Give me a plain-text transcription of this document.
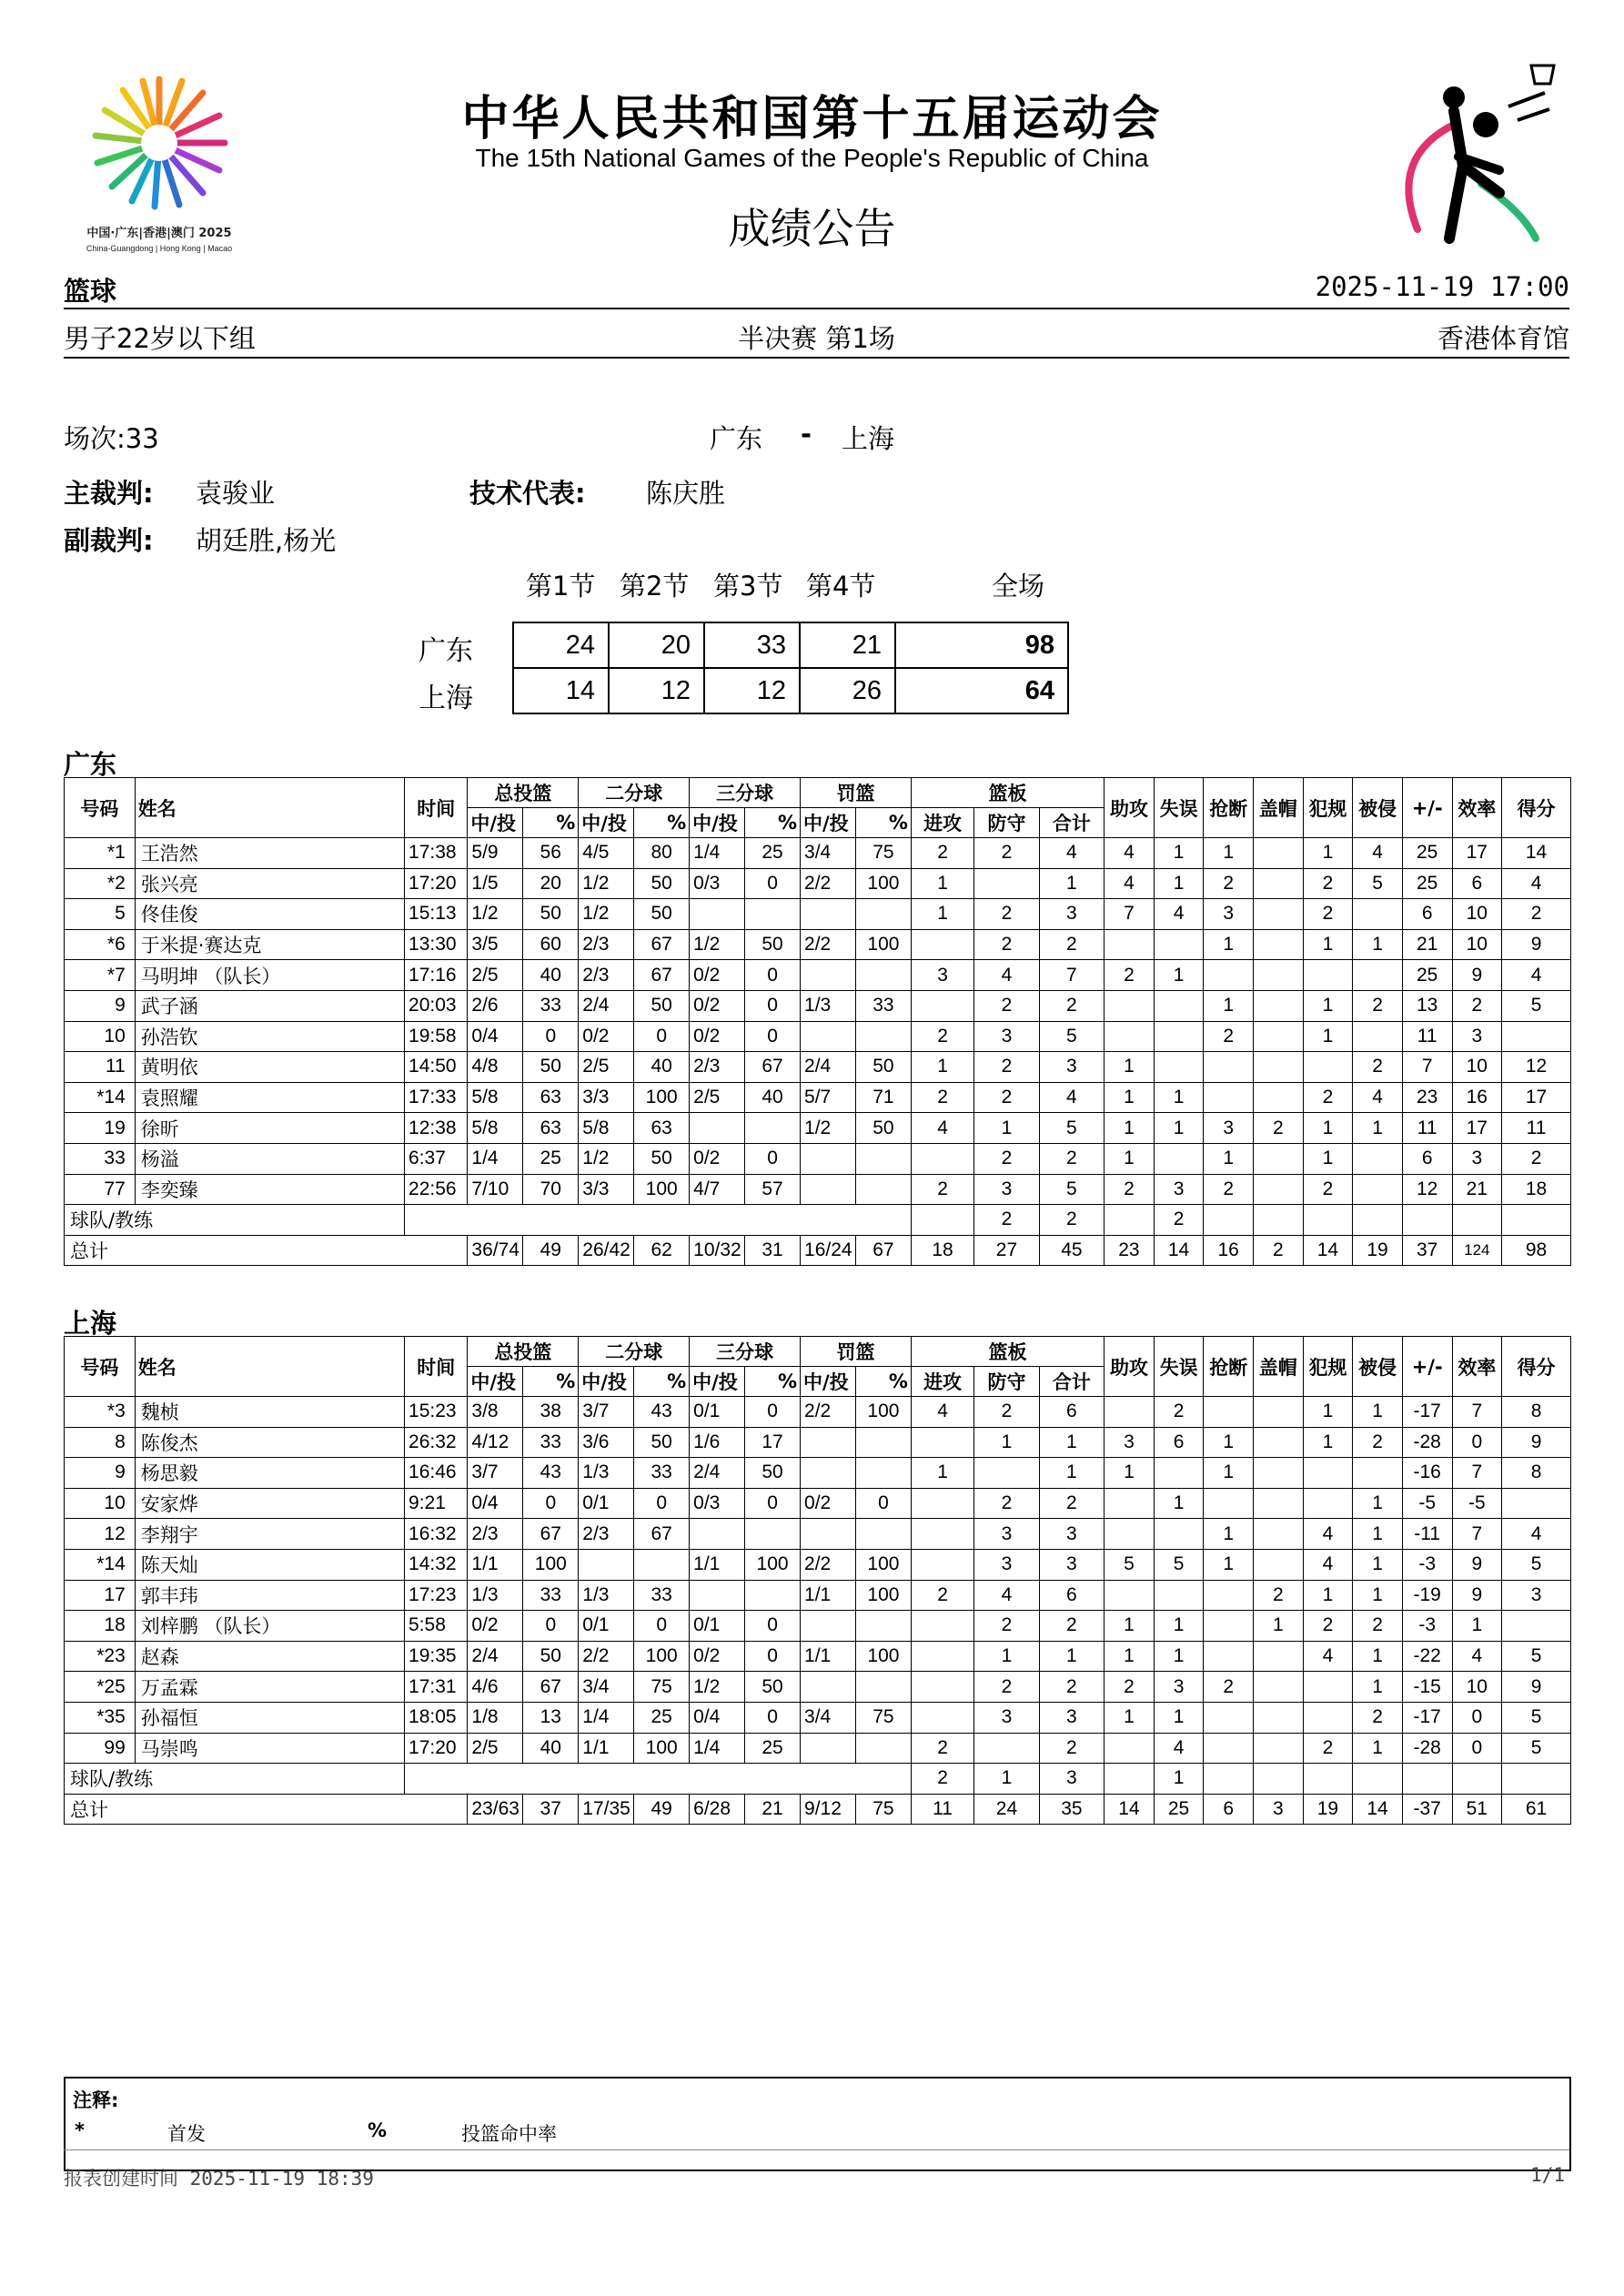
中国·广东|香港|澳门 2025
China-Guangdong | Hong Kong | Macao
中华人民共和国第十五届运动会
The 15th National Games of the People's Republic of China
成绩公告
篮球	2025-11-19 17:00
男子22岁以下组	半决赛 第1场	香港体育馆
场次:33	广东 - 上海
主裁判: 袁骏业	技术代表: 陈庆胜
副裁判: 胡廷胜,杨光
第1节 第2节 第3节 第4节	全场
广东
上海
24	20	33	21	98
14	12	12	26	64
广东
号码	姓名	时间	总投篮		二分球		三分球		罚篮		篮板			助攻	失误	抢断	盖帽	犯规	被侵	+/-	效率	得分
			中/投	%	中/投	%	中/投	%	中/投	%	进攻	防守	合计									
*1	王浩然	17:38	5/9	56	4/5	80	1/4	25	3/4	75	2	2	4	4	1	1		1	4	25	17	14
*2	张兴亮	17:20	1/5	20	1/2	50	0/3	0	2/2	100	1		1	4	1	2		2	5	25	6	4
5	佟佳俊	15:13	1/2	50	1/2	50					1	2	3	7	4	3		2		6	10	2
*6	于米提·赛达克	13:30	3/5	60	2/3	67	1/2	50	2/2	100		2	2			1		1	1	21	10	9
*7	马明坤 （队长）	17:16	2/5	40	2/3	67	0/2	0			3	4	7	2	1					25	9	4
9	武子涵	20:03	2/6	33	2/4	50	0/2	0	1/3	33		2	2			1		1	2	13	2	5
10	孙浩钦	19:58	0/4	0	0/2	0	0/2	0			2	3	5			2		1		11	3	
11	黄明依	14:50	4/8	50	2/5	40	2/3	67	2/4	50	1	2	3	1					2	7	10	12
*14	袁照耀	17:33	5/8	63	3/3	100	2/5	40	5/7	71	2	2	4	1	1			2	4	23	16	17
19	徐昕	12:38	5/8	63	5/8	63			1/2	50	4	1	5	1	1	3	2	1	1	11	17	11
33	杨溢	6:37	1/4	25	1/2	50	0/2	0				2	2	1		1		1		6	3	2
77	李奕臻	22:56	7/10	70	3/3	100	4/7	57			2	3	5	2	3	2		2		12	21	18
球队/教练												2	2		2							
总计			36/74	49	26/42	62	10/32	31	16/24	67	18	27	45	23	14	16	2	14	19	37	124	98
上海
号码	姓名	时间	总投篮		二分球		三分球		罚篮		篮板			助攻	失误	抢断	盖帽	犯规	被侵	+/-	效率	得分
			中/投	%	中/投	%	中/投	%	中/投	%	进攻	防守	合计									
*3	魏桢	15:23	3/8	38	3/7	43	0/1	0	2/2	100	4	2	6		2			1	1	-17	7	8
8	陈俊杰	26:32	4/12	33	3/6	50	1/6	17				1	1	3	6	1		1	2	-28	0	9
9	杨思毅	16:46	3/7	43	1/3	33	2/4	50			1		1	1		1				-16	7	8
10	安家烨	9:21	0/4	0	0/1	0	0/3	0	0/2	0		2	2		1				1	-5	-5	
12	李翔宇	16:32	2/3	67	2/3	67						3	3			1		4	1	-11	7	4
*14	陈天灿	14:32	1/1	100			1/1	100	2/2	100		3	3	5	5	1		4	1	-3	9	5
17	郭丰玮	17:23	1/3	33	1/3	33			1/1	100	2	4	6				2	1	1	-19	9	3
18	刘梓鹏 （队长）	5:58	0/2	0	0/1	0	0/1	0				2	2	1	1		1	2	2	-3	1	
*23	赵森	19:35	2/4	50	2/2	100	0/2	0	1/1	100		1	1	1	1			4	1	-22	4	5
*25	万孟霖	17:31	4/6	67	3/4	75	1/2	50				2	2	2	3	2			1	-15	10	9
*35	孙福恒	18:05	1/8	13	1/4	25	0/4	0	3/4	75		3	3	1	1				2	-17	0	5
99	马崇鸣	17:20	2/5	40	1/1	100	1/4	25			2		2		4			2	1	-28	0	5
球队/教练											2	1	3		1							
总计			23/63	37	17/35	49	6/28	21	9/12	75	11	24	35	14	25	6	3	19	14	-37	51	61
注释:
*	首发	%	投篮命中率
报表创建时间 2025-11-19 18:39	1/1
